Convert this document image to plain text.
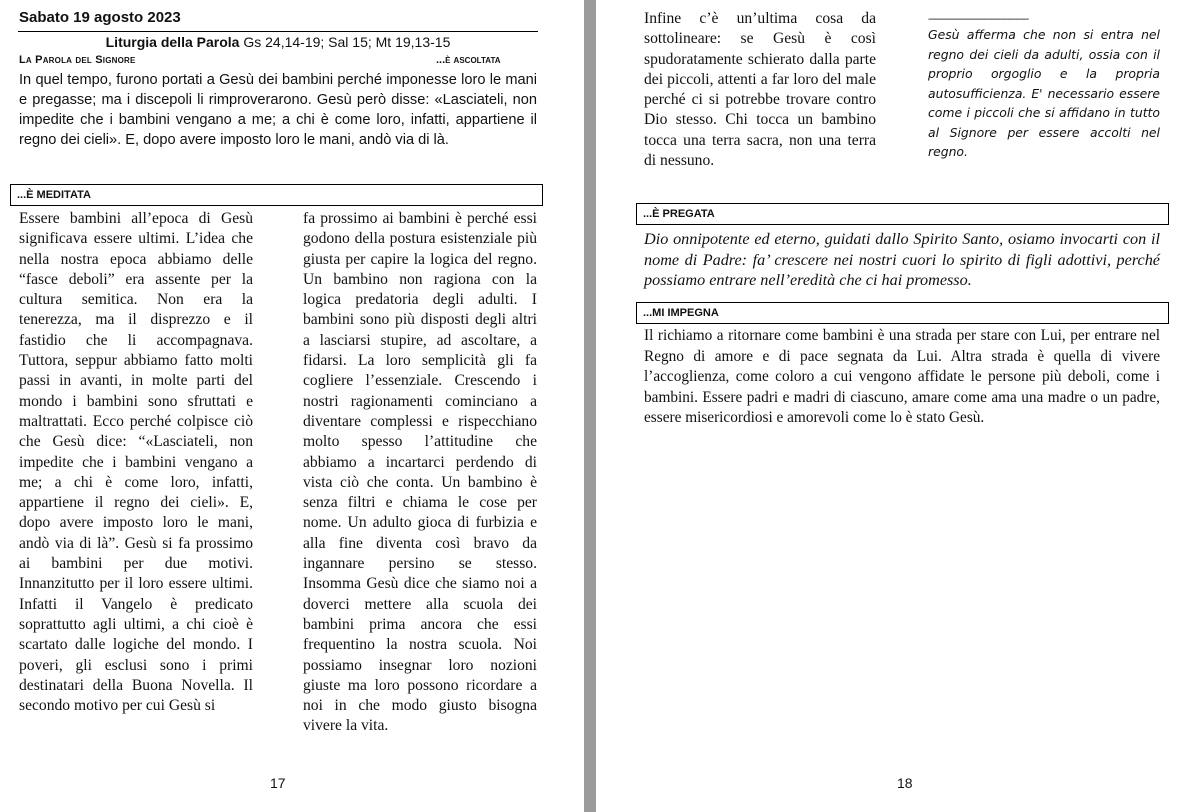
Sabato 19 agosto 2023
Liturgia della Parola Gs 24,14-19; Sal 15; Mt 19,13-15
La Parola del Signore	...è ascoltata
In quel tempo, furono portati a Gesù dei bambini perché imponesse loro le mani e pregasse; ma i discepoli li rimproverarono. Gesù però disse: «Lasciateli, non impedite che i bambini vengano a me; a chi è come loro, infatti, appartiene il regno dei cieli». E, dopo avere imposto loro le mani, andò via di là.
...È MEDITATA
Essere bambini all’epoca di Gesù significava essere ultimi. L’idea che nella nostra epoca abbiamo delle “fasce deboli” era assente per la cultura semitica. Non era la tenerezza, ma il disprezzo e il fastidio che li accompagnava. Tuttora, seppur abbiamo fatto molti passi in avanti, in molte parti del mondo i bambini sono sfruttati e maltrattati. Ecco perché colpisce ciò che Gesù dice: “«Lasciateli, non impedite che i bambini vengano a me; a chi è come loro, infatti, appartiene il regno dei cieli». E, dopo avere imposto loro le mani, andò via di là”. Gesù si fa prossimo ai bambini per due motivi. Innanzitutto per il loro essere ultimi. Infatti il Vangelo è predicato soprattutto agli ultimi, a chi cioè è scartato dalle logiche del mondo. I poveri, gli esclusi sono i primi destinatari della Buona Novella. Il secondo motivo per cui Gesù si
fa prossimo ai bambini è perché essi godono della postura esistenziale più giusta per capire la logica del regno. Un bambino non ragiona con la logica predatoria degli adulti. I bambini sono più disposti degli altri a lasciarsi stupire, ad ascoltare, a fidarsi. La loro semplicità gli fa cogliere l’essenziale. Crescendo i nostri ragionamenti cominciano a diventare complessi e rispecchiano molto spesso l’attitudine che abbiamo a incartarci perdendo di vista ciò che conta. Un bambino è senza filtri e chiama le cose per nome. Un adulto gioca di furbizia e alla fine diventa così bravo da ingannare persino se stesso. Insomma Gesù dice che siamo noi a doverci mettere alla scuola dei bambini prima ancora che essi frequentino la nostra scuola. Noi possiamo insegnar loro nozioni giuste ma loro possono ricordare a noi in che modo giusto bisogna vivere la vita.
17
Infine c’è un’ultima cosa da sottolineare: se Gesù è così spudoratamente schierato dalla parte dei piccoli, attenti a far loro del male perché ci si potrebbe trovare contro Dio stesso. Chi tocca un bambino tocca una terra sacra, non una terra di nessuno.
-------------------------------------------
Gesù afferma che non si entra nel regno dei cieli da adulti, ossia con il proprio orgoglio e la propria autosufficienza. E' necessario essere come i piccoli che si affidano in tutto al Signore per essere accolti nel regno.
...È PREGATA
Dio onnipotente ed eterno, guidati dallo Spirito Santo, osiamo invocarti con il nome di Padre: fa’ crescere nei nostri cuori lo spirito di figli adottivi, perché possiamo entrare nell’eredità che ci hai promesso.
...MI IMPEGNA
Il richiamo a ritornare come bambini è una strada per stare con Lui, per entrare nel Regno di amore e di pace segnata da Lui. Altra strada è quella di vivere l’accoglienza, come coloro a cui vengono affidate le persone più deboli, come i bambini. Essere padri e madri di ciascuno, amare come ama una madre o un padre, essere misericordiosi e amorevoli come lo è stato Gesù.
18
